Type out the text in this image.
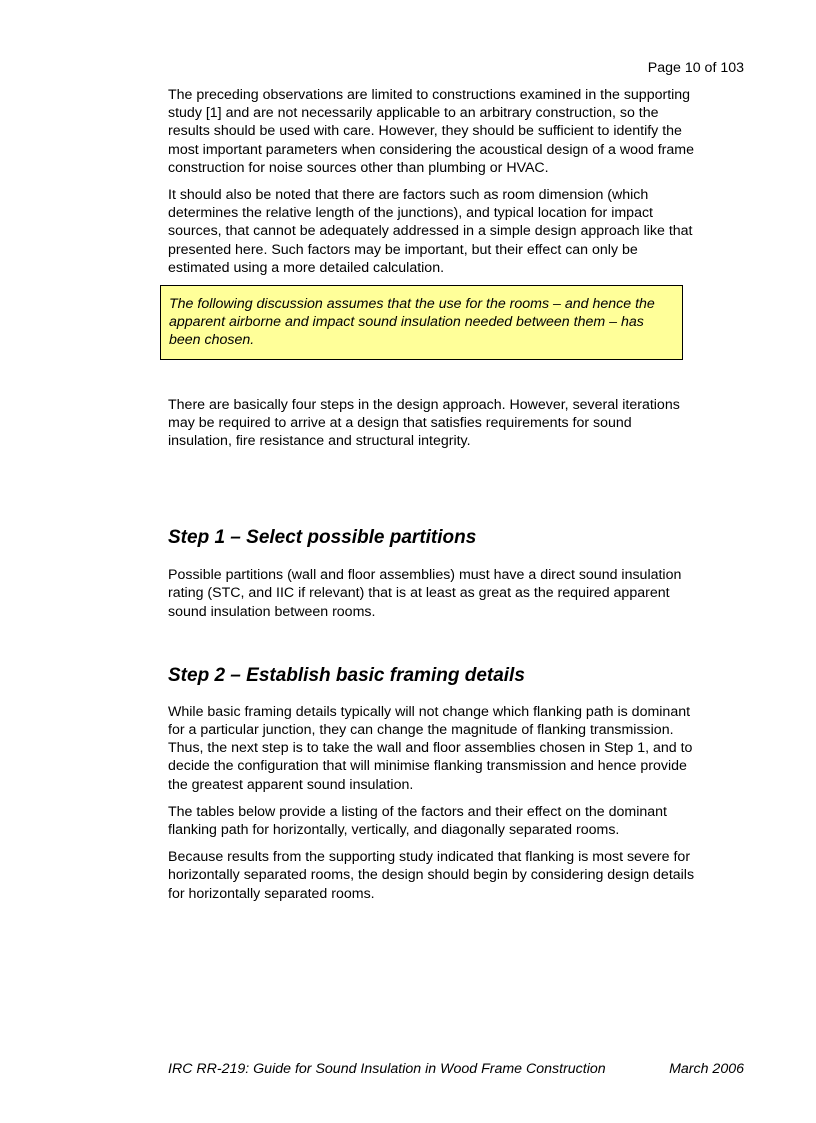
Page 10 of 103

The preceding observations are limited to constructions examined in the supporting study [1] and are not necessarily applicable to an arbitrary construction, so the results should be used with care. However, they should be sufficient to identify the most important parameters when considering the acoustical design of a wood frame construction for noise sources other than plumbing or HVAC.

It should also be noted that there are factors such as room dimension (which determines the relative length of the junctions), and typical location for impact sources, that cannot be adequately addressed in a simple design approach like that presented here. Such factors may be important, but their effect can only be estimated using a more detailed calculation.

The following discussion assumes that the use for the rooms – and hence the apparent airborne and impact sound insulation needed between them – has been chosen.

There are basically four steps in the design approach. However, several iterations may be required to arrive at a design that satisfies requirements for sound insulation, fire resistance and structural integrity.

Step 1 – Select possible partitions

Possible partitions (wall and floor assemblies) must have a direct sound insulation rating (STC, and IIC if relevant) that is at least as great as the required apparent sound insulation between rooms.

Step 2 – Establish basic framing details

While basic framing details typically will not change which flanking path is dominant for a particular junction, they can change the magnitude of flanking transmission. Thus, the next step is to take the wall and floor assemblies chosen in Step 1, and to decide the configuration that will minimise flanking transmission and hence provide the greatest apparent sound insulation.

The tables below provide a listing of the factors and their effect on the dominant flanking path for horizontally, vertically, and diagonally separated rooms.

Because results from the supporting study indicated that flanking is most severe for horizontally separated rooms, the design should begin by considering design details for horizontally separated rooms.

IRC RR-219: Guide for Sound Insulation in Wood Frame Construction	March 2006
